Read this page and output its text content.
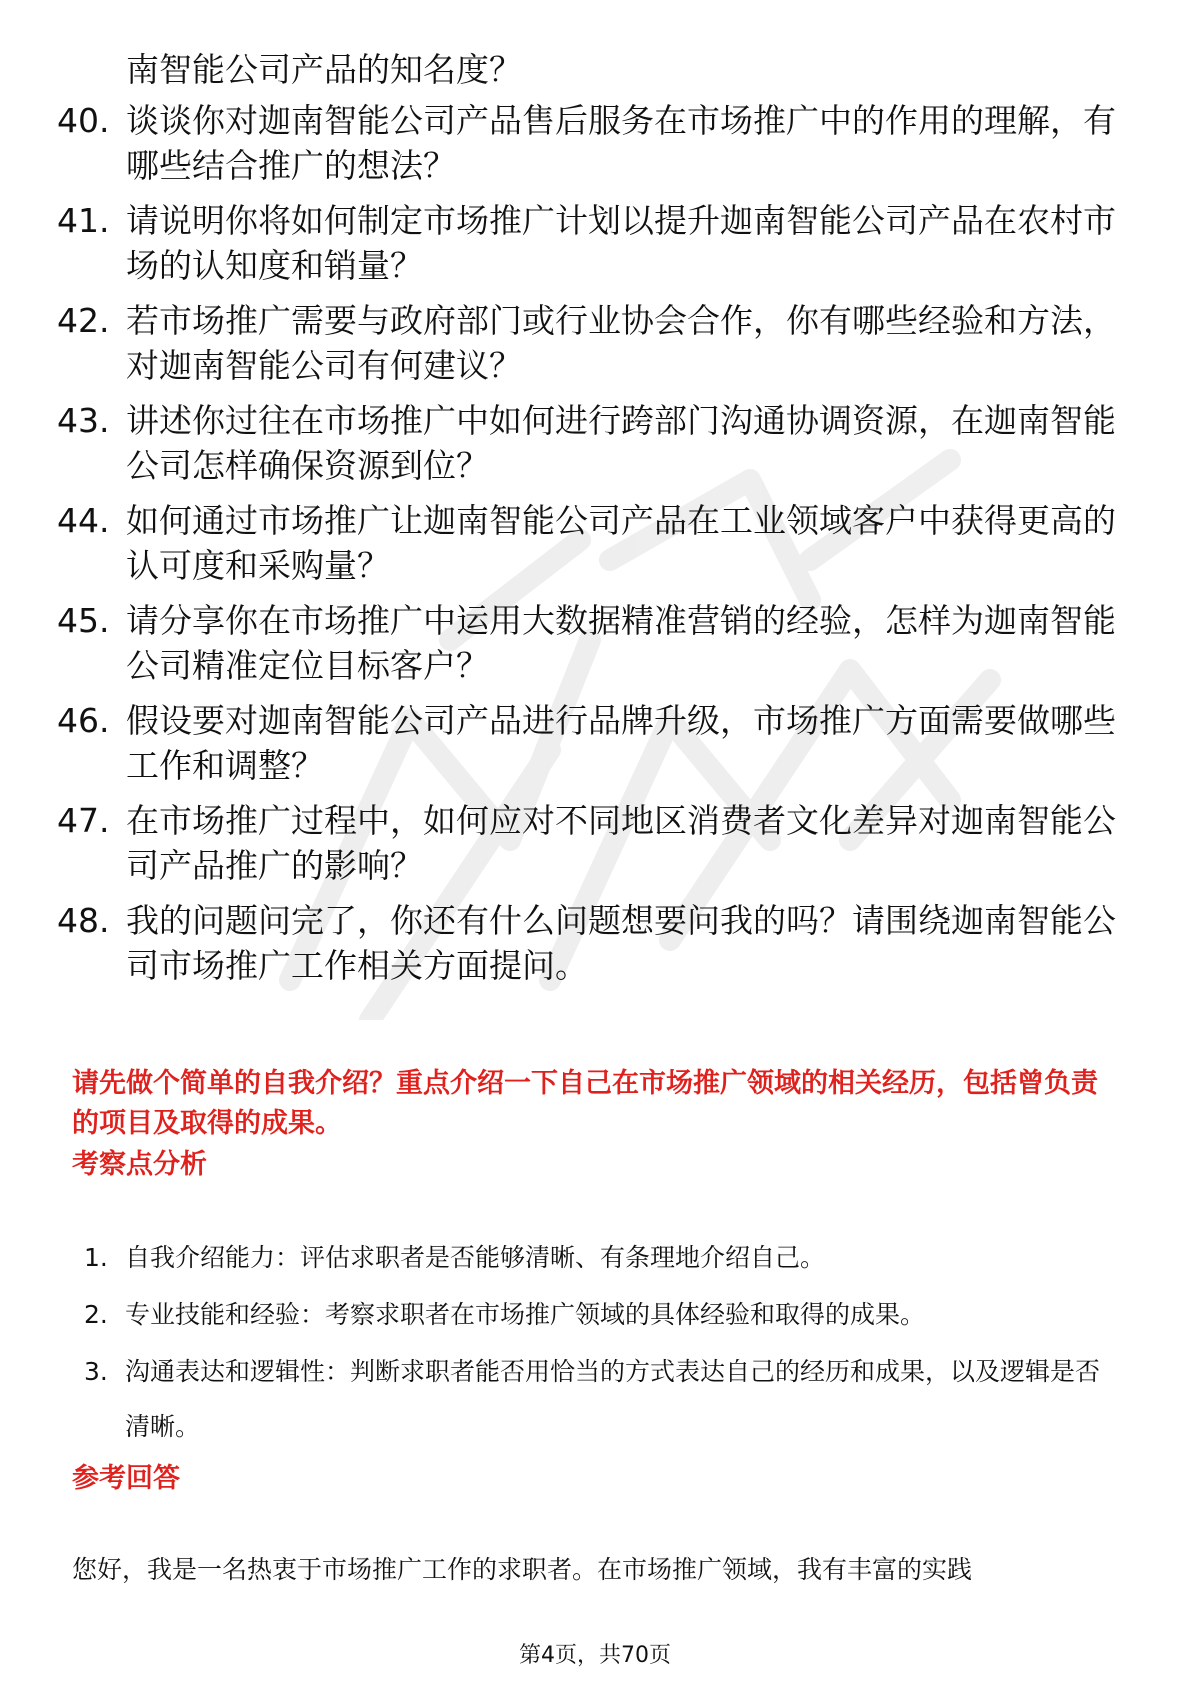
南智能公司产品的知名度？

40. 谈谈你对迦南智能公司产品售后服务在市场推广中的作用的理解，有哪些结合推广的想法？
41. 请说明你将如何制定市场推广计划以提升迦南智能公司产品在农村市场的认知度和销量？
42. 若市场推广需要与政府部门或行业协会合作，你有哪些经验和方法，对迦南智能公司有何建议？
43. 讲述你过往在市场推广中如何进行跨部门沟通协调资源，在迦南智能公司怎样确保资源到位？
44. 如何通过市场推广让迦南智能公司产品在工业领域客户中获得更高的认可度和采购量？
45. 请分享你在市场推广中运用大数据精准营销的经验，怎样为迦南智能公司精准定位目标客户？
46. 假设要对迦南智能公司产品进行品牌升级，市场推广方面需要做哪些工作和调整？
47. 在市场推广过程中，如何应对不同地区消费者文化差异对迦南智能公司产品推广的影响？
48. 我的问题问完了，你还有什么问题想要问我的吗？请围绕迦南智能公司市场推广工作相关方面提问。

请先做个简单的自我介绍？重点介绍一下自己在市场推广领域的相关经历，包括曾负责的项目及取得的成果。

考察点分析
1. 自我介绍能力：评估求职者是否能够清晰、有条理地介绍自己。
2. 专业技能和经验：考察求职者在市场推广领域的具体经验和取得的成果。
3. 沟通表达和逻辑性：判断求职者能否用恰当的方式表达自己的经历和成果，以及逻辑是否清晰。
参考回答

您好，我是一名热衷于市场推广工作的求职者。在市场推广领域，我有丰富的实践

第4页，共70页
